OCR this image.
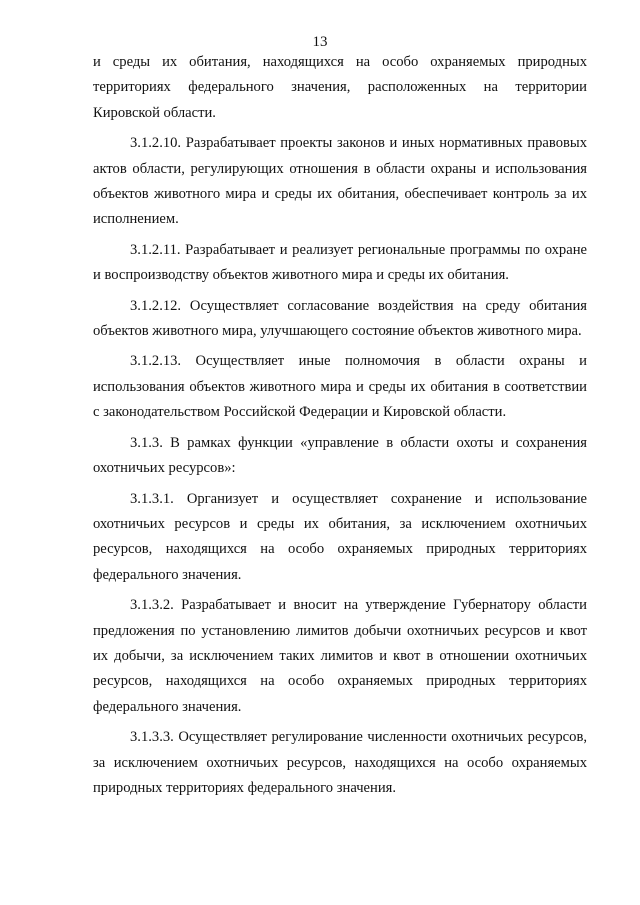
13

и среды их обитания, находящихся на особо охраняемых природных территориях федерального значения, расположенных на территории Кировской области.

3.1.2.10. Разрабатывает проекты законов и иных нормативных правовых актов области, регулирующих отношения в области охраны и использования объектов животного мира и среды их обитания, обеспечивает контроль за их исполнением.

3.1.2.11. Разрабатывает и реализует региональные программы по охране и воспроизводству объектов животного мира и среды их обитания.

3.1.2.12. Осуществляет согласование воздействия на среду обитания объектов животного мира, улучшающего состояние объектов животного мира.

3.1.2.13. Осуществляет иные полномочия в области охраны и использования объектов животного мира и среды их обитания в соответствии с законодательством Российской Федерации и Кировской области.

3.1.3. В рамках функции «управление в области охоты и сохранения охотничьих ресурсов»:

3.1.3.1. Организует и осуществляет сохранение и использование охотничьих ресурсов и среды их обитания, за исключением охотничьих ресурсов, находящихся на особо охраняемых природных территориях федерального значения.

3.1.3.2. Разрабатывает и вносит на утверждение Губернатору области предложения по установлению лимитов добычи охотничьих ресурсов и квот их добычи, за исключением таких лимитов и квот в отношении охотничьих ресурсов, находящихся на особо охраняемых природных территориях федерального значения.

3.1.3.3. Осуществляет регулирование численности охотничьих ресурсов, за исключением охотничьих ресурсов, находящихся на особо охраняемых природных территориях федерального значения.
